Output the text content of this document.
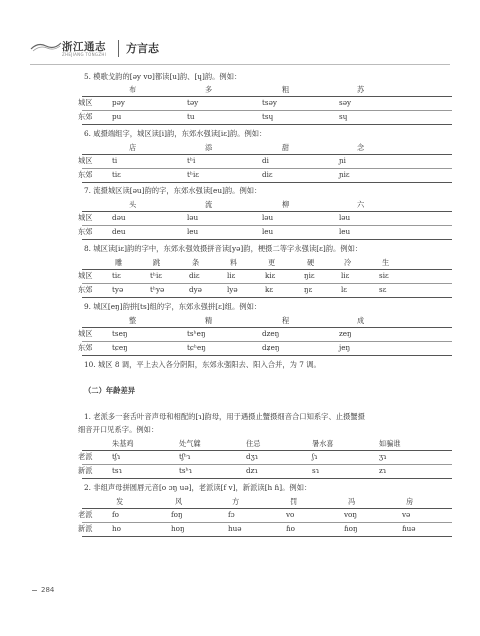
浙江通志
ZHEJIANG TONGZHI 方言志
5. 模歌戈韵的[əy vʊ]都读[u]韵、[ɥ]韵。例如：
布	多	粗	苏
城区	pəy	təy	tsəy	səy
东郊	pu	tu	tsɥ	sɥ
6. 咸摄端组字，城区读[i]韵，东郊水强读[iɛ]韵。例如：
店	添	甜	念
城区	ti	tʰi	di	ɲi
东郊	tiɛ	tʰiɛ	diɛ	ɲiɛ
7. 流摄城区读[əu]韵的字，东郊水强读[eu]韵。例如：
头	流	柳	六
城区	dəu	ləu	ləu	ləu
东郊	deu	leu	leu	leu
8. 城区读[iɛ]韵的字中，东郊永强效摄拼音读[yə]韵，梗摄二等字永强读[ɛ]韵。例如：
雕	跳	条	料	更	硬	冷	生
城区	tiɛ	tʰiɛ	diɛ	liɛ	kiɛ	ŋiɛ	liɛ	siɛ
东郊	tyə	tʰyə	dyə	lyə	kɛ	ŋɛ	lɛ	sɛ
9. 城区[eŋ]韵拼[ts]组的字，东郊永强拼[ɛ]组。例如：
整	精	程	成
城区	tseŋ	tsʰeŋ	dzeŋ	zeŋ
东郊	tɕeŋ	tɕʰeŋ	dʑeŋ	jeŋ
10. 城区 8 调，平上去入各分阴阳，东郊永强阳去、阳入合并，为 7 调。
（二）年龄差异
1. 老派多一套舌叶音声母和相配的[ɿ]韵母，用于遇摄止蟹摄细音合口知系字、止摄蟹摄
细音开口见系字。例如：
朱基鸡	处气䢄	住忌	暑水喜	如骗谁
老派	tʃɿ	tʃʰɿ	dʒɿ	ʃɿ	ʒɿ
新派	tsɿ	tsʰɿ	dzɿ	sɿ	zɿ
2. 非组声母拼圆唇元音[o ɔŋ uə]，老派读[f v]，新派读[h ɦ]。例如：
发	风	方	罚	冯	房
老派	fo	foŋ	fɔ	vo	voŋ	və
新派	ho	hoŋ	huə	ɦo	ɦoŋ	ɦuə
284
